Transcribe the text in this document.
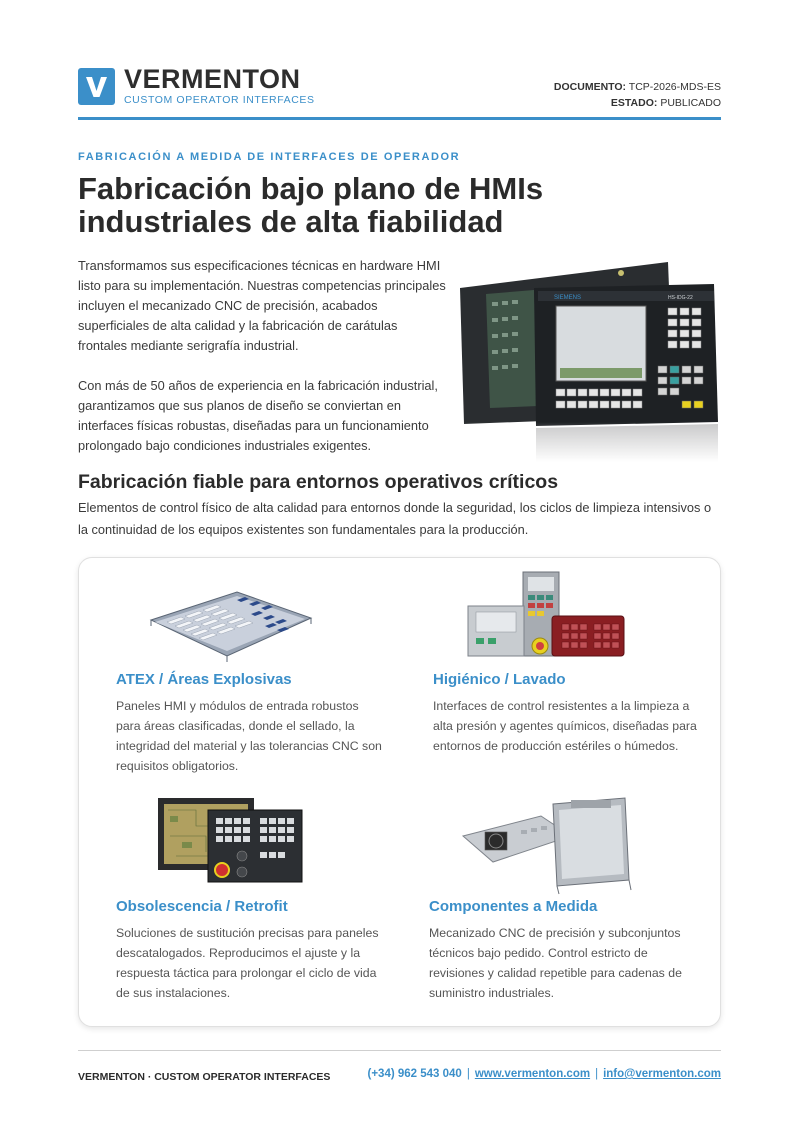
VERMENTON
CUSTOM OPERATOR INTERFACES
DOCUMENTO: TCP-2026-MDS-ES
ESTADO: PUBLICADO
FABRICACIÓN A MEDIDA DE INTERFACES DE OPERADOR
Fabricación bajo plano de HMIs industriales de alta fiabilidad

Transformamos sus especificaciones técnicas en hardware HMI listo para su implementación. Nuestras competencias principales incluyen el mecanizado CNC de precisión, acabados superficiales de alta calidad y la fabricación de carátulas frontales mediante serigrafía industrial.

Con más de 50 años de experiencia en la fabricación industrial, garantizamos que sus planos de diseño se conviertan en interfaces físicas robustas, diseñadas para un funcionamiento prolongado bajo condiciones industriales exigentes.

SIEMENS	HS-IDG-22
Fabricación fiable para entornos operativos críticos
Elementos de control físico de alta calidad para entornos donde la seguridad, los ciclos de limpieza intensivos o la continuidad de los equipos existentes son fundamentales para la producción.
ATEX / Áreas Explosivas
Paneles HMI y módulos de entrada robustos para áreas clasificadas, donde el sellado, la integridad del material y las tolerancias CNC son requisitos obligatorios.
Higiénico / Lavado
Interfaces de control resistentes a la limpieza a alta presión y agentes químicos, diseñadas para entornos de producción estériles o húmedos.
Obsolescencia / Retrofit
Soluciones de sustitución precisas para paneles descatalogados. Reproducimos el ajuste y la respuesta táctica para prolongar el ciclo de vida de sus instalaciones.
Componentes a Medida
Mecanizado CNC de precisión y subconjuntos técnicos bajo pedido. Control estricto de revisiones y calidad repetible para cadenas de suministro industriales.
VERMENTON · CUSTOM OPERATOR INTERFACES	(+34) 962 543 040 | www.vermenton.com | info@vermenton.com
